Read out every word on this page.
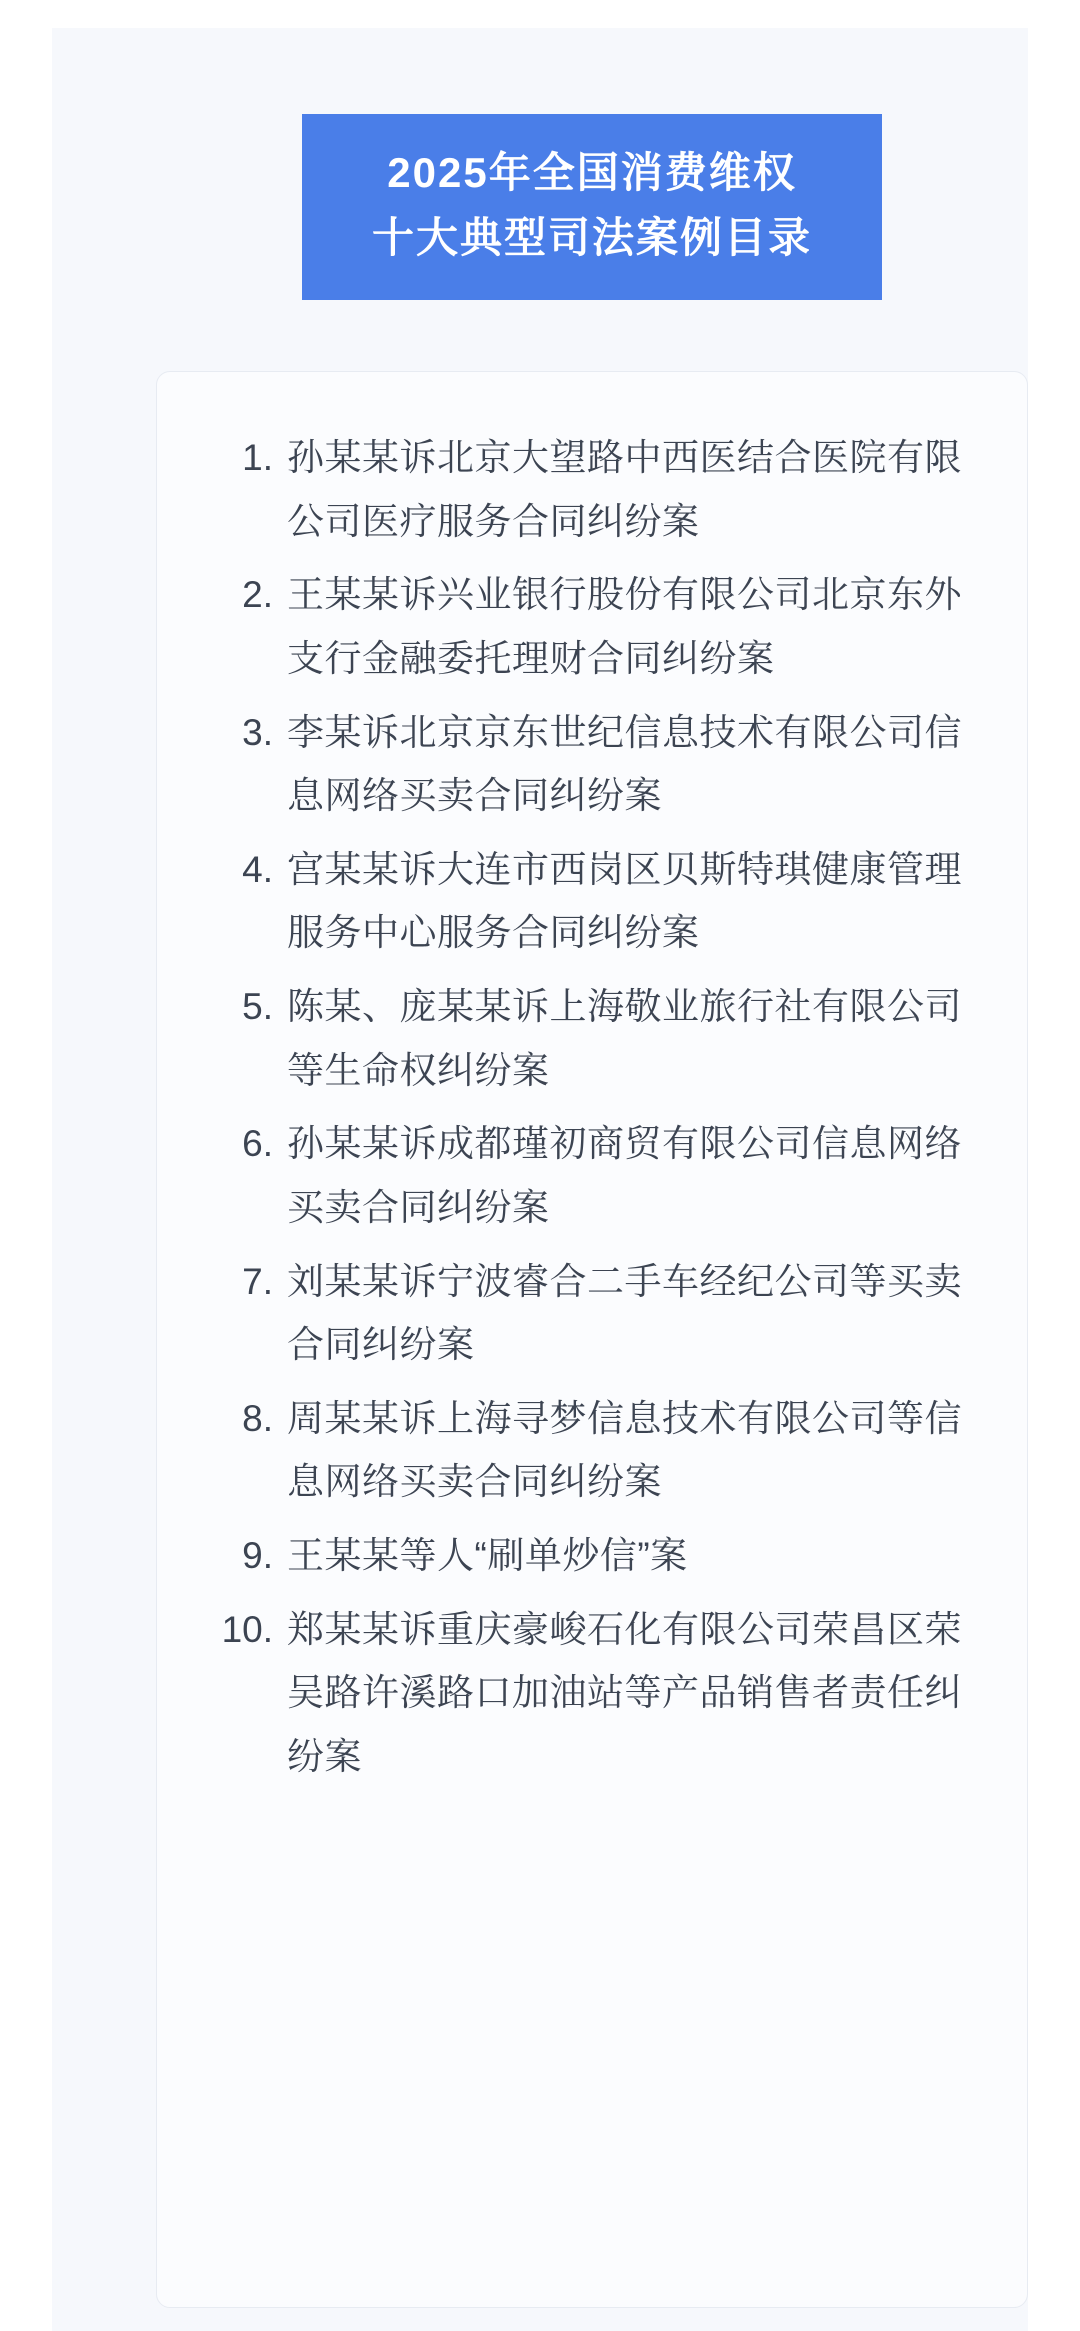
2025年全国消费维权
十大典型司法案例目录
1. 孙某某诉北京大望路中西医结合医院有限公司医疗服务合同纠纷案
2. 王某某诉兴业银行股份有限公司北京东外支行金融委托理财合同纠纷案
3. 李某诉北京京东世纪信息技术有限公司信息网络买卖合同纠纷案
4. 宫某某诉大连市西岗区贝斯特琪健康管理服务中心服务合同纠纷案
5. 陈某、庞某某诉上海敬业旅行社有限公司等生命权纠纷案
6. 孙某某诉成都瑾初商贸有限公司信息网络买卖合同纠纷案
7. 刘某某诉宁波睿合二手车经纪公司等买卖合同纠纷案
8. 周某某诉上海寻梦信息技术有限公司等信息网络买卖合同纠纷案
9. 王某某等人“刷单炒信”案
10. 郑某某诉重庆豪峻石化有限公司荣昌区荣吴路许溪路口加油站等产品销售者责任纠纷案
